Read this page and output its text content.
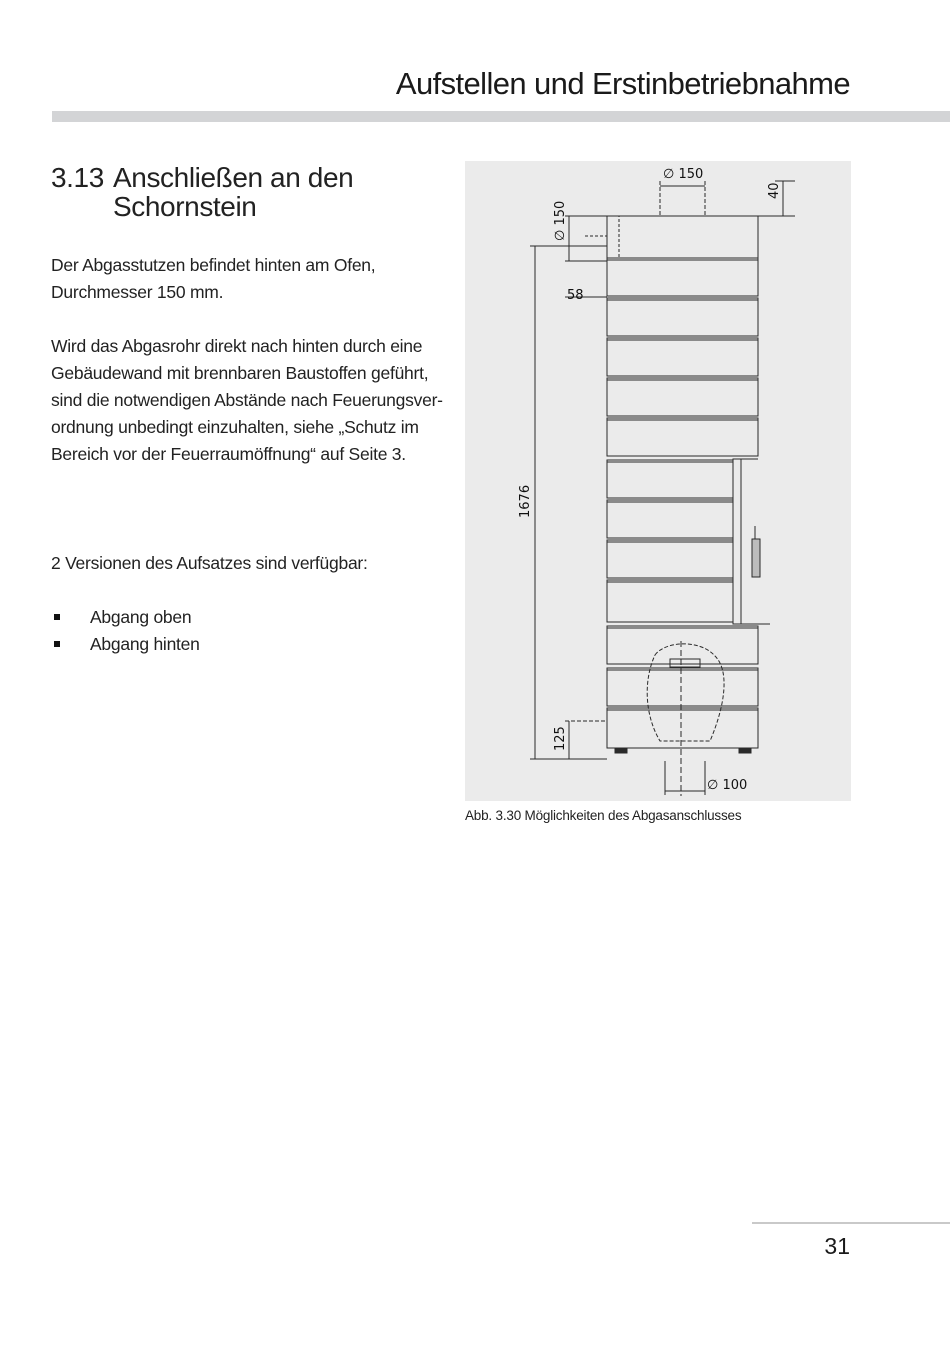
Aufstellen und Erstinbetriebnahme
3.13 Anschließen an den
Schornstein
Der Abgasstutzen befindet hinten am Ofen,
Durchmesser 150 mm.
Wird das Abgasrohr direkt nach hinten durch eine
Gebäudewand mit brennbaren Baustoffen geführt,
sind die notwendigen Abstände nach Feuerungsver-
ordnung unbedingt einzuhalten, siehe „Schutz im
Bereich vor der Feuerraumöffnung“ auf Seite 3.
2 Versionen des Aufsatzes sind verfügbar:
Abgang oben
Abgang hinten
∅ 150
40
∅ 150
58
1676
125
∅ 100
Abb. 3.30 Möglichkeiten des Abgasanschlusses
31
